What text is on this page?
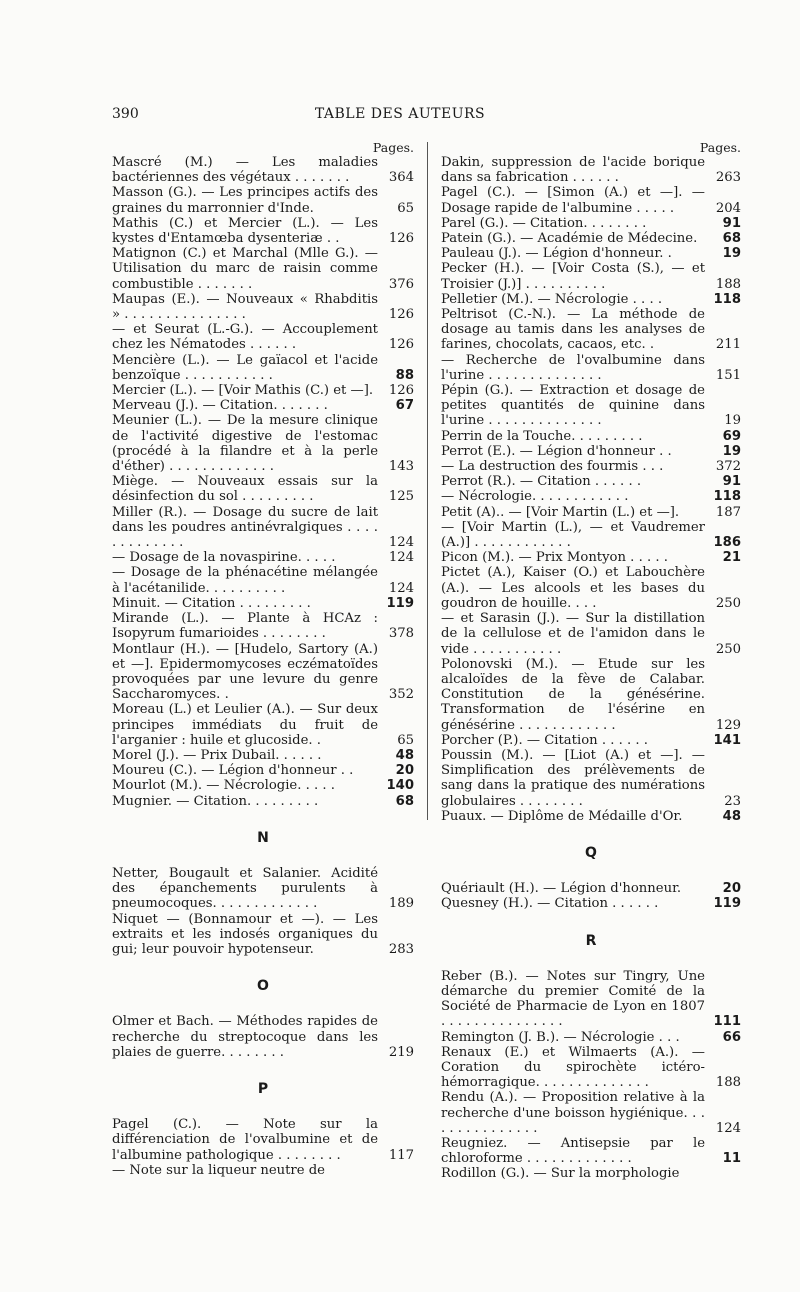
390	TABLE DES AUTEURS
Pages.
Mascré (M.) — Les maladies bactériennes des végétaux . . . . . . .	364
Masson (G.). — Les principes actifs des graines du marronnier d'Inde.	65
Mathis (C.) et Mercier (L.). — Les kystes d'Entamœba dysenteriæ . .	126
Matignon (C.) et Marchal (Mlle G.). — Utilisation du marc de raisin comme combustible . . . . . . .	376
Maupas (E.). — Nouveaux « Rhabditis » . . . . . . . . . . . . . . .	126
— et Seurat (L.-G.). — Accouplement chez les Nématodes . . . . . .	126
Mencière (L.). — Le gaïacol et l'acide benzoïque . . . . . . . . . . .	88
Mercier (L.). — [Voir Mathis (C.) et —].	126
Merveau (J.). — Citation. . . . . . .	67
Meunier (L.). — De la mesure clinique de l'activité digestive de l'estomac (procédé à la filandre et à la perle d'éther) . . . . . . . . . . . . .	143
Miège. — Nouveaux essais sur la désinfection du sol . . . . . . . . .	125
Miller (R.). — Dosage du sucre de lait dans les poudres antinévralgiques . . . . . . . . . . . . .	124
— Dosage de la novaspirine. . . . .	124
— Dosage de la phénacétine mélangée à l'acétanilide. . . . . . . . . .	124
Minuit. — Citation . . . . . . . . .	119
Mirande (L.). — Plante à HCAz : Isopyrum fumarioides . . . . . . . .	378
Montlaur (H.). — [Hudelo, Sartory (A.) et —]. Epidermomycoses eczématoïdes provoquées par une levure du genre Saccharomyces. .	352
Moreau (L.) et Leulier (A.). — Sur deux principes immédiats du fruit de l'arganier : huile et glucoside. .	65
Morel (J.). — Prix Dubail. . . . . .	48
Moureu (C.). — Légion d'honneur . .	20
Mourlot (M.). — Nécrologie. . . . .	140
Mugnier. — Citation. . . . . . . . .	68
N
Netter, Bougault et Salanier. Acidité des épanchements purulents à pneumocoques. . . . . . . . . . . . .	189
Niquet — (Bonnamour et —). — Les extraits et les indosés organiques du gui; leur pouvoir hypotenseur.	283
O
Olmer et Bach. — Méthodes rapides de recherche du streptocoque dans les plaies de guerre. . . . . . . .	219
P
Pagel (C.). — Note sur la différenciation de l'ovalbumine et de l'albumine pathologique . . . . . . . .	117
— Note sur la liqueur neutre de
Pages.
Dakin, suppression de l'acide borique dans sa fabrication . . . . . .	263
Pagel (C.). — [Simon (A.) et —]. — Dosage rapide de l'albumine . . . . .	204
Parel (G.). — Citation. . . . . . . .	91
Patein (G.). — Académie de Médecine.	68
Pauleau (J.). — Légion d'honneur. .	19
Pecker (H.). — [Voir Costa (S.), — et Troisier (J.)] . . . . . . . . . .	188
Pelletier (M.). — Nécrologie . . . .	118
Peltrisot (C.-N.). — La méthode de dosage au tamis dans les analyses de farines, chocolats, cacaos, etc. .	211
— Recherche de l'ovalbumine dans l'urine . . . . . . . . . . . . . .	151
Pépin (G.). — Extraction et dosage de petites quantités de quinine dans l'urine . . . . . . . . . . . . . .	19
Perrin de la Touche. . . . . . . . .	69
Perrot (E.). — Légion d'honneur . .	19
— La destruction des fourmis . . .	372
Perrot (R.). — Citation . . . . . .	91
— Nécrologie. . . . . . . . . . . .	118
Petit (A).. — [Voir Martin (L.) et —].	187
— [Voir Martin (L.), — et Vaudremer (A.)] . . . . . . . . . . . .	186
Picon (M.). — Prix Montyon . . . . .	21
Pictet (A.), Kaiser (O.) et Labouchère (A.). — Les alcools et les bases du goudron de houille. . . .	250
— et Sarasin (J.). — Sur la distillation de la cellulose et de l'amidon dans le vide . . . . . . . . . . .	250
Polonovski (M.). — Etude sur les alcaloïdes de la fève de Calabar. Constitution de la génésérine. Transformation de l'ésérine en génésérine . . . . . . . . . . . .	129
Porcher (P.). — Citation . . . . . .	141
Poussin (M.). — [Liot (A.) et —]. — Simplification des prélèvements de sang dans la pratique des numérations globulaires . . . . . . . .	23
Puaux. — Diplôme de Médaille d'Or.	48
Q
Quériault (H.). — Légion d'honneur.	20
Quesney (H.). — Citation . . . . . .	119
R
Reber (B.). — Notes sur Tingry, Une démarche du premier Comité de la Société de Pharmacie de Lyon en 1807 . . . . . . . . . . . . . . .	111
Remington (J. B.). — Nécrologie . . .	66
Renaux (E.) et Wilmaerts (A.). — Coration du spirochète ictéro-hémorragique. . . . . . . . . . . . . .	188
Rendu (A.). — Proposition relative à la recherche d'une boisson hygiénique. . . . . . . . . . . . . . .	124
Reugniez. — Antisepsie par le chloroforme . . . . . . . . . . . . .	11
Rodillon (G.). — Sur la morphologie
